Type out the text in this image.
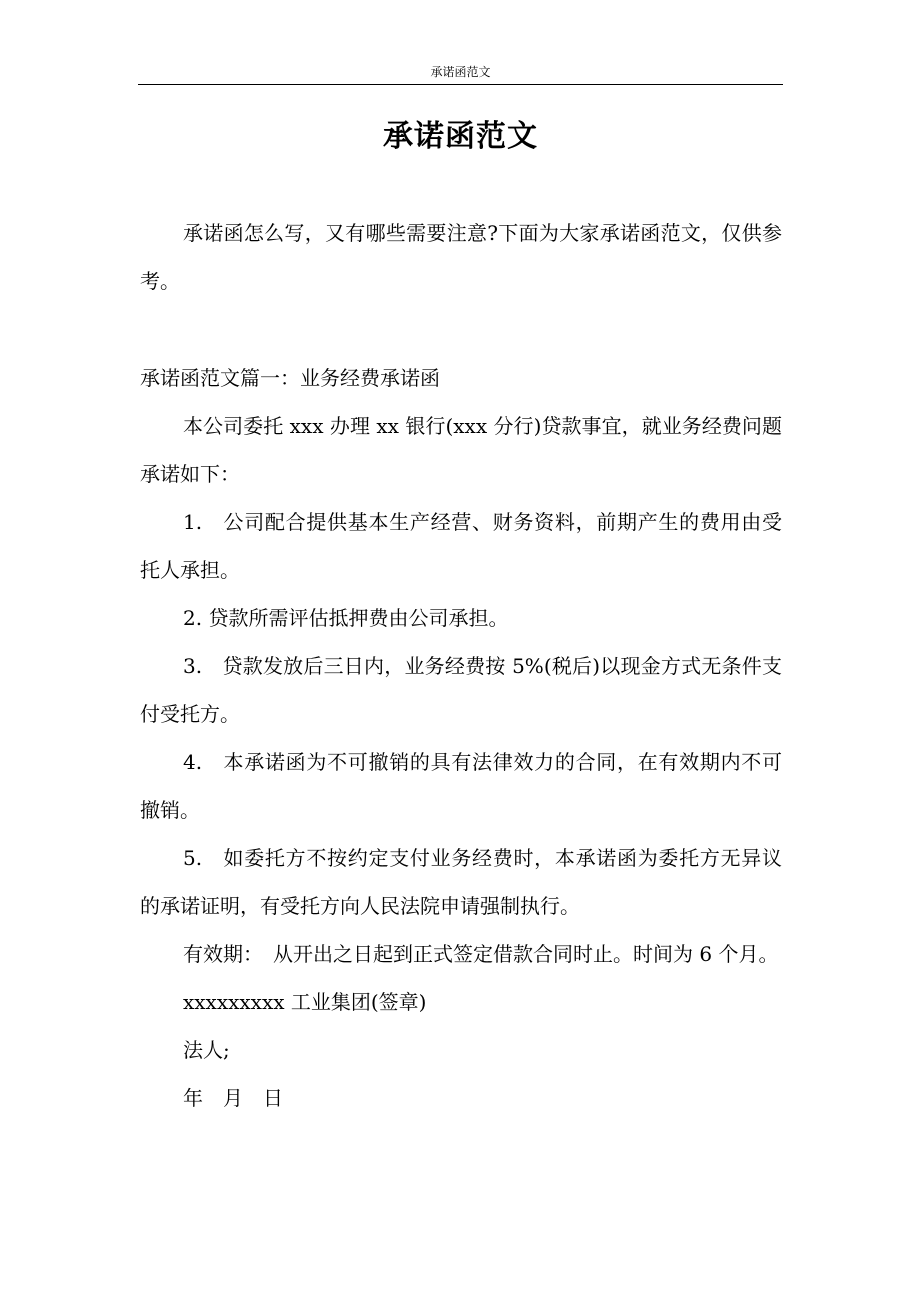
承诺函范文
承诺函范文

承诺函怎么写，又有哪些需要注意?下面为大家承诺函范文，仅供参考。

承诺函范文篇一：业务经费承诺函

本公司委托 xxx 办理 xx 银行(xxx 分行)贷款事宜，就业务经费问题承诺如下：

1.　公司配合提供基本生产经营、财务资料，前期产生的费用由受托人承担。

2. 贷款所需评估抵押费由公司承担。

3.　贷款发放后三日内，业务经费按 5%(税后)以现金方式无条件支付受托方。

4.　本承诺函为不可撤销的具有法律效力的合同，在有效期内不可撤销。

5.　如委托方不按约定支付业务经费时，本承诺函为委托方无异议的承诺证明，有受托方向人民法院申请强制执行。

有效期：　从开出之日起到正式签定借款合同时止。时间为 6 个月。

xxxxxxxxx 工业集团(签章)

法人;

年　月　日
